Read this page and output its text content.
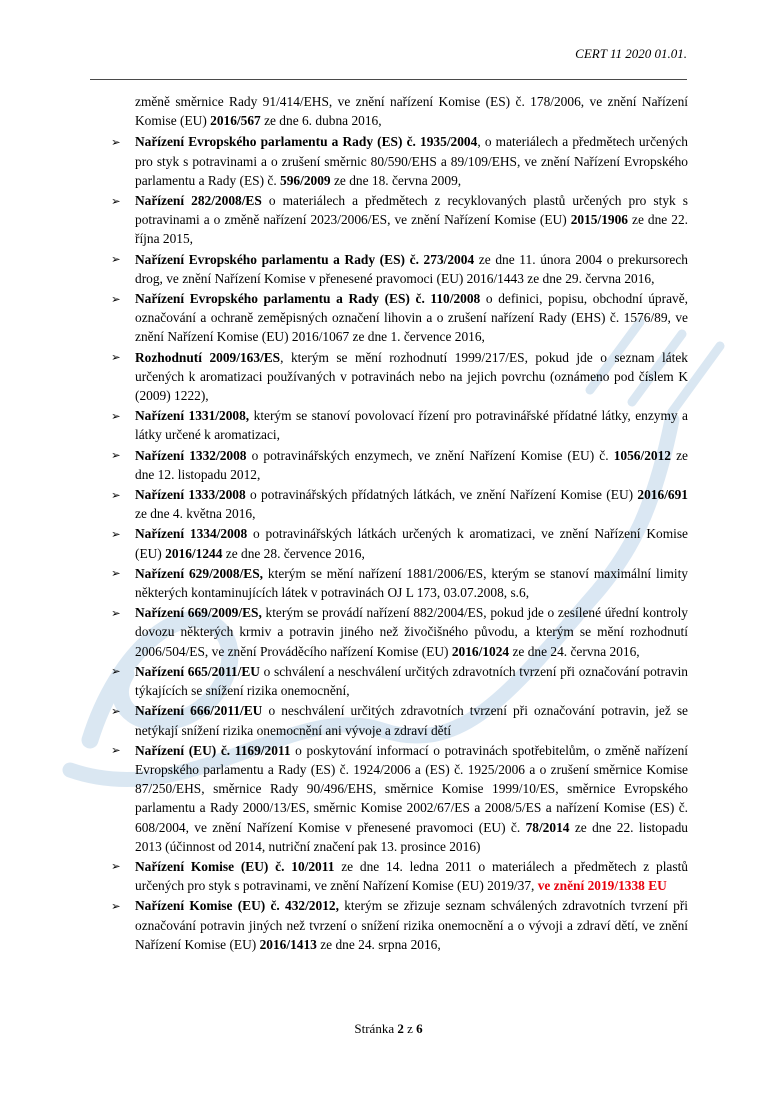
CERT 11 2020 01.01.
změně směrnice Rady 91/414/EHS, ve znění nařízení Komise (ES) č. 178/2006, ve znění Nařízení Komise (EU) 2016/567 ze dne 6. dubna 2016,
➢ Nařízení Evropského parlamentu a Rady (ES) č. 1935/2004, o materiálech a předmětech určených pro styk s potravinami a o zrušení směrnic 80/590/EHS a 89/109/EHS, ve znění Nařízení Evropského parlamentu a Rady (ES) č. 596/2009 ze dne 18. června 2009,
➢ Nařízení 282/2008/ES o materiálech a předmětech z recyklovaných plastů určených pro styk s potravinami a o změně nařízení 2023/2006/ES, ve znění Nařízení Komise (EU) 2015/1906 ze dne 22. října 2015,
➢ Nařízení Evropského parlamentu a Rady (ES) č. 273/2004 ze dne 11. února 2004 o prekursorech drog, ve znění Nařízení Komise v přenesené pravomoci (EU) 2016/1443 ze dne 29. června 2016,
➢ Nařízení Evropského parlamentu a Rady (ES) č. 110/2008 o definici, popisu, obchodní úpravě, označování a ochraně zeměpisných označení lihovin a o zrušení nařízení Rady (EHS) č. 1576/89, ve znění Nařízení Komise (EU) 2016/1067 ze dne 1. července 2016,
➢ Rozhodnutí 2009/163/ES, kterým se mění rozhodnutí 1999/217/ES, pokud jde o seznam látek určených k aromatizaci používaných v potravinách nebo na jejich povrchu (oznámeno pod číslem K (2009) 1222),
➢ Nařízení 1331/2008, kterým se stanoví povolovací řízení pro potravinářské přídatné látky, enzymy a látky určené k aromatizaci,
➢ Nařízení 1332/2008 o potravinářských enzymech, ve znění Nařízení Komise (EU) č. 1056/2012 ze dne 12. listopadu 2012,
➢ Nařízení 1333/2008 o potravinářských přídatných látkách, ve znění Nařízení Komise (EU) 2016/691 ze dne 4. května 2016,
➢ Nařízení 1334/2008 o potravinářských látkách určených k aromatizaci, ve znění Nařízení Komise (EU) 2016/1244 ze dne 28. července 2016,
➢ Nařízení 629/2008/ES, kterým se mění nařízení 1881/2006/ES, kterým se stanoví maximální limity některých kontaminujících látek v potravinách OJ L 173, 03.07.2008, s.6,
➢ Nařízení 669/2009/ES, kterým se provádí nařízení 882/2004/ES, pokud jde o zesílené úřední kontroly dovozu některých krmiv a potravin jiného než živočišného původu, a kterým se mění rozhodnutí 2006/504/ES, ve znění Prováděcího nařízení Komise (EU) 2016/1024 ze dne 24. června 2016,
➢ Nařízení 665/2011/EU o schválení a neschválení určitých zdravotních tvrzení při označování potravin týkajících se snížení rizika onemocnění,
➢ Nařízení 666/2011/EU o neschválení určitých zdravotních tvrzení při označování potravin, jež se netýkají snížení rizika onemocnění ani vývoje a zdraví dětí
➢ Nařízení (EU) č. 1169/2011 o poskytování informací o potravinách spotřebitelům, o změně nařízení Evropského parlamentu a Rady (ES) č. 1924/2006 a (ES) č. 1925/2006 a o zrušení směrnice Komise 87/250/EHS, směrnice Rady 90/496/EHS, směrnice Komise 1999/10/ES, směrnice Evropského parlamentu a Rady 2000/13/ES, směrnic Komise 2002/67/ES a 2008/5/ES a nařízení Komise (ES) č. 608/2004, ve znění Nařízení Komise v přenesené pravomoci (EU) č. 78/2014 ze dne 22. listopadu 2013 (účinnost od 2014, nutriční značení pak 13. prosince 2016)
➢ Nařízení Komise (EU) č. 10/2011 ze dne 14. ledna 2011 o materiálech a předmětech z plastů určených pro styk s potravinami, ve znění Nařízení Komise (EU) 2019/37, ve znění 2019/1338 EU
➢ Nařízení Komise (EU) č. 432/2012, kterým se zřizuje seznam schválených zdravotních tvrzení při označování potravin jiných než tvrzení o snížení rizika onemocnění a o vývoji a zdraví dětí, ve znění Nařízení Komise (EU) 2016/1413 ze dne 24. srpna 2016,
Stránka 2 z 6
